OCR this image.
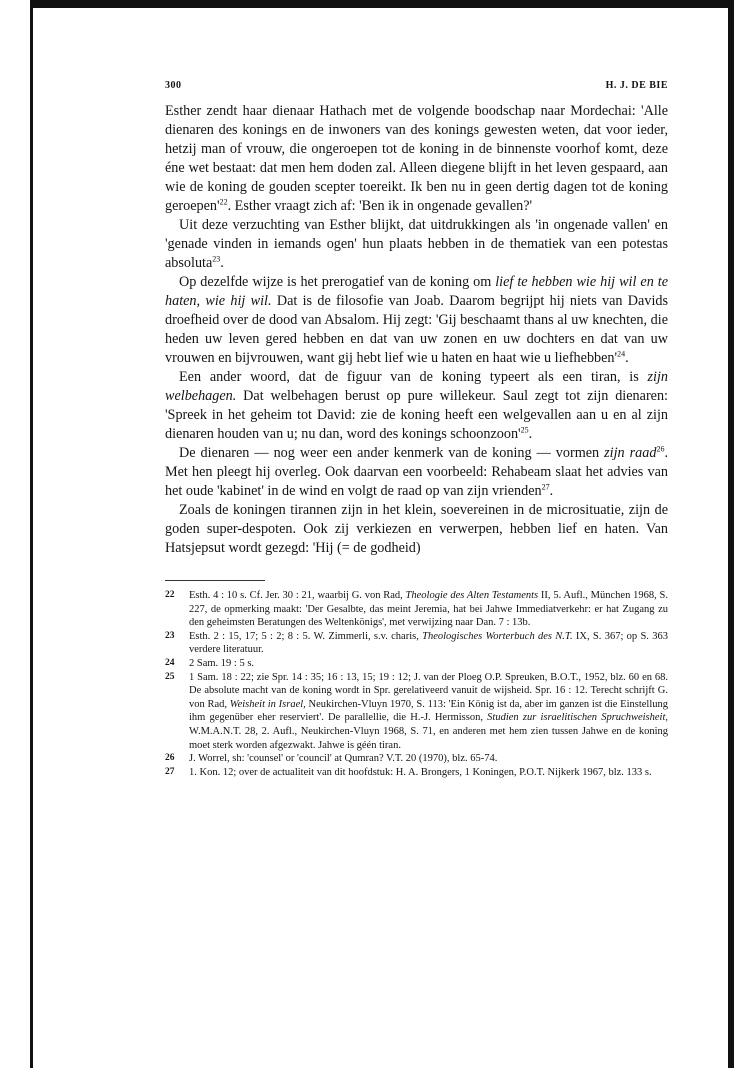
300	H. J. DE BIE

Esther zendt haar dienaar Hathach met de volgende boodschap naar Mordechai: 'Alle dienaren des konings en de inwoners van des konings gewesten weten, dat voor ieder, hetzij man of vrouw, die ongeroepen tot de koning in de binnenste voorhof komt, deze éne wet bestaat: dat men hem doden zal. Alleen diegene blijft in het leven gespaard, aan wie de koning de gouden scepter toereikt. Ik ben nu in geen dertig dagen tot de koning $geroepen'^{22}$. Esther vraagt zich af: 'Ben ik in ongenade gevallen?'

Uit deze verzuchting van Esther blijkt, dat uitdrukkingen als 'in ongenade vallen' en 'genade vinden in iemands ogen' hun plaats hebben in de thematiek van een potestas absoluta$^{23}$.

Op dezelfde wijze is het prerogatief van de koning om lief te hebben wie hij wil en te haten, wie hij wil. Dat is de filosofie van Joab. Daarom begrijpt hij niets van Davids droefheid over de dood van Absalom. Hij zegt: 'Gij beschaamt thans al uw knechten, die heden uw leven gered hebben en dat van uw zonen en uw dochters en dat van uw vrouwen en bijvrouwen, want gij hebt lief wie u haten en haat wie u $liefhebben'^{24}$.

Een ander woord, dat de figuur van de koning typeert als een tiran, is zijn welbehagen. Dat welbehagen berust op pure willekeur. Saul zegt tot zijn dienaren: 'Spreek in het geheim tot David: zie de koning heeft een welgevallen aan u en al zijn dienaren houden van u; nu dan, word des konings $schoonzoon'^{25}$.

De dienaren — nog weer een ander kenmerk van de koning — vormen zijn raad$^{26}$. Met hen pleegt hij overleg. Ook daarvan een voorbeeld: Rehabeam slaat het advies van het oude 'kabinet' in de wind en volgt de raad op van zijn vrienden$^{27}$.

Zoals de koningen tirannen zijn in het klein, soevereinen in de microsituatie, zijn de goden super-despoten. Ook zij verkiezen en verwerpen, hebben lief en haten. Van Hatsjepsut wordt gezegd: 'Hij (= de godheid)

22	Esth. 4 : 10 s. Cf. Jer. 30 : 21, waarbij G. von Rad, Theologie des Alten Testaments II, 5. Aufl., München 1968, S. 227, de opmerking maakt: 'Der Gesalbte, das meint Jeremia, hat bei Jahwe Immediatverkehr: er hat Zugang zu den geheimsten Beratungen des Weltenkönigs', met verwijzing naar Dan. 7 : 13b.
23	Esth. 2 : 15, 17; 5 : 2; 8 : 5. W. Zimmerli, s.v. charis, Theologisches Worterbuch des N.T. IX, S. 367; op S. 363 verdere literatuur.
24	2 Sam. 19 : 5 s.
25	1 Sam. 18 : 22; zie Spr. 14 : 35; 16 : 13, 15; 19 : 12; J. van der Ploeg O.P. Spreuken, B.O.T., 1952, blz. 60 en 68. De absolute macht van de koning wordt in Spr. gerelativeerd vanuit de wijsheid. Spr. 16 : 12. Terecht schrijft G. von Rad, Weisheit in Israel, Neukirchen-Vluyn 1970, S. 113: 'Ein König ist da, aber im ganzen ist die Einstellung ihm gegenüber eher reserviert'. De parallellie, die H.-J. Hermisson, Studien zur israelitischen Spruchweisheit, W.M.A.N.T. 28, 2. Aufl., Neukirchen-Vluyn 1968, S. 71, en anderen met hem zien tussen Jahwe en de koning moet sterk worden afgezwakt. Jahwe is géén tiran.
26	J. Worrel, sh: 'counsel' or 'council' at Qumran? V.T. 20 (1970), blz. 65-74.
27	1. Kon. 12; over de actualiteit van dit hoofdstuk: H. A. Brongers, 1 Koningen, P.O.T. Nijkerk 1967, blz. 133 s.
